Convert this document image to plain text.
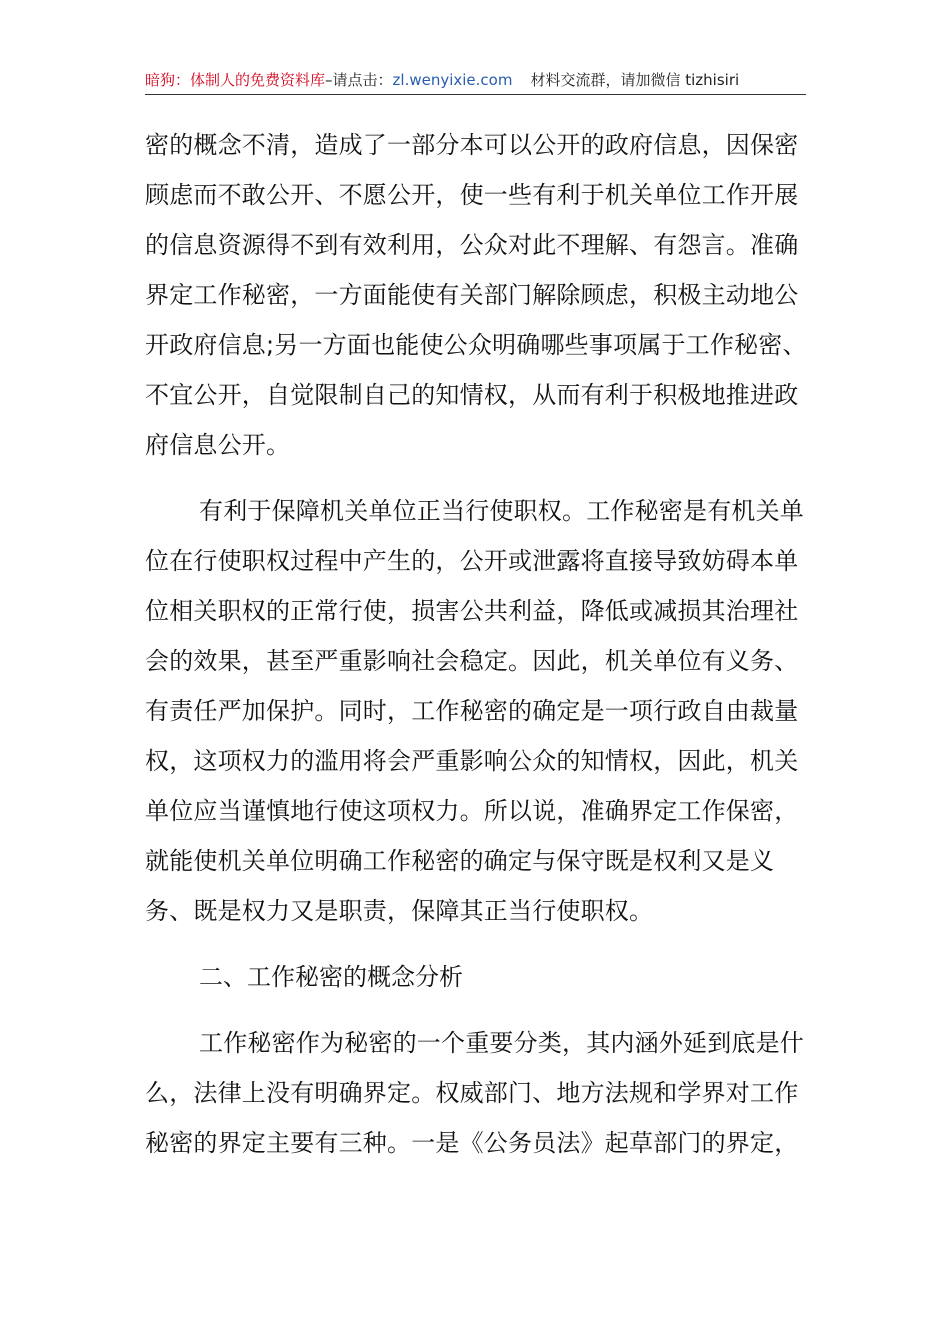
暗狗：体制人的免费资料库–请点击：zl.wenyixie.com 材料交流群，请加微信 tizhisiri

密的概念不清，造成了一部分本可以公开的政府信息，因保密顾虑而不敢公开、不愿公开，使一些有利于机关单位工作开展的信息资源得不到有效利用，公众对此不理解、有怨言。准确界定工作秘密，一方面能使有关部门解除顾虑，积极主动地公开政府信息;另一方面也能使公众明确哪些事项属于工作秘密、不宜公开，自觉限制自己的知情权，从而有利于积极地推进政府信息公开。

有利于保障机关单位正当行使职权。工作秘密是有机关单位在行使职权过程中产生的，公开或泄露将直接导致妨碍本单位相关职权的正常行使，损害公共利益，降低或减损其治理社会的效果，甚至严重影响社会稳定。因此，机关单位有义务、有责任严加保护。同时，工作秘密的确定是一项行政自由裁量权，这项权力的滥用将会严重影响公众的知情权，因此，机关单位应当谨慎地行使这项权力。所以说，准确界定工作保密，就能使机关单位明确工作秘密的确定与保守既是权利又是义务、既是权力又是职责，保障其正当行使职权。

二、工作秘密的概念分析

工作秘密作为秘密的一个重要分类，其内涵外延到底是什么，法律上没有明确界定。权威部门、地方法规和学界对工作秘密的界定主要有三种。一是《公务员法》起草部门的界定，
